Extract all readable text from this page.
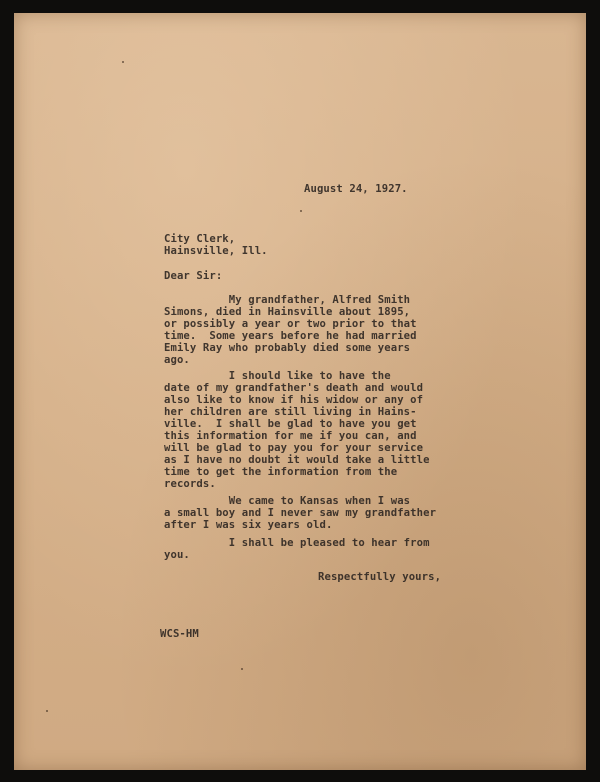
August 24, 1927.
City Clerk,
Hainsville, Ill.
Dear Sir:
My grandfather, Alfred Smith
Simons, died in Hainsville about 1895,
or possibly a year or two prior to that
time.  Some years before he had married
Emily Ray who probably died some years
ago.
I should like to have the
date of my grandfather's death and would
also like to know if his widow or any of
her children are still living in Hains-
ville.  I shall be glad to have you get
this information for me if you can, and
will be glad to pay you for your service
as I have no doubt it would take a little
time to get the information from the
records.
We came to Kansas when I was
a small boy and I never saw my grandfather
after I was six years old.
I shall be pleased to hear from
you.
Respectfully yours,
WCS-HM
